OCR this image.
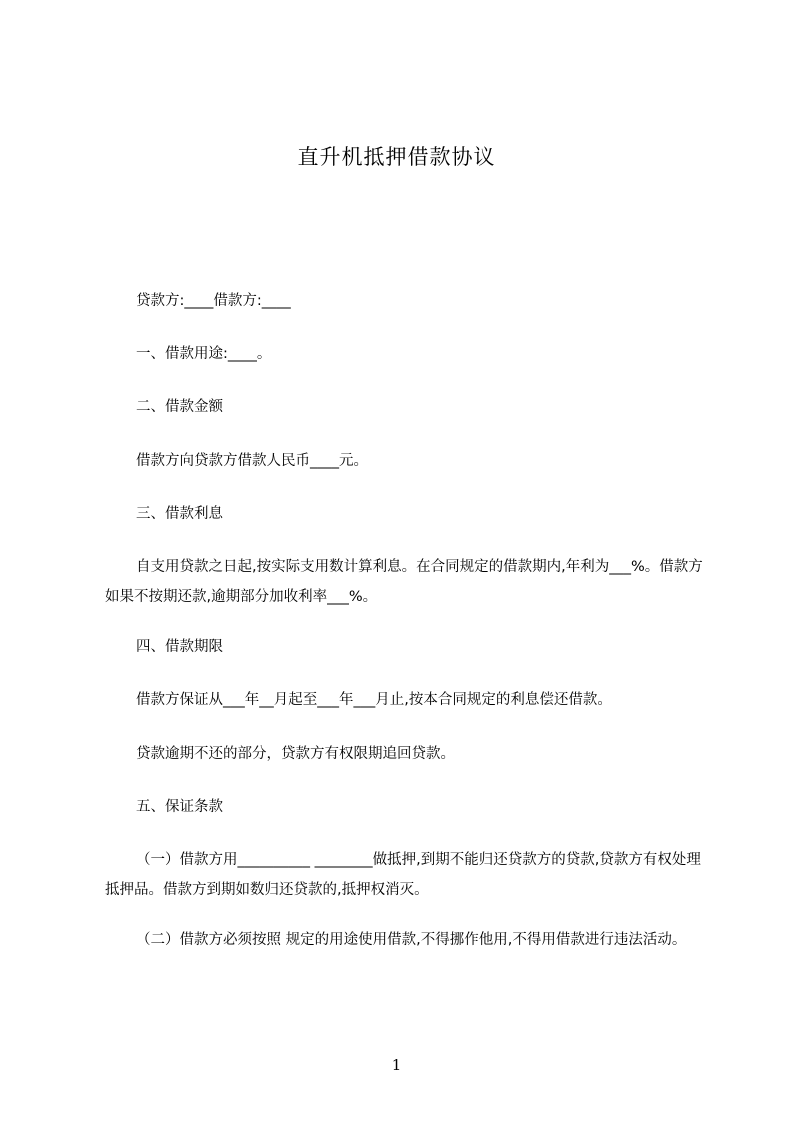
直升机抵押借款协议
贷款方:____借款方:____
一、借款用途:____。
二、借款金额
借款方向贷款方借款人民币____元。
三、借款利息
自支用贷款之日起,按实际支用数计算利息。在合同规定的借款期内,年利为___%。借款方如果不按期还款,逾期部分加收利率___%。
四、借款期限
借款方保证从___年__月起至___年___月止,按本合同规定的利息偿还借款。
贷款逾期不还的部分，贷款方有权限期追回贷款。
五、保证条款
（一）借款方用__________ ________做抵押,到期不能归还贷款方的贷款,贷款方有权处理抵押品。借款方到期如数归还贷款的,抵押权消灭。
（二）借款方必须按照 规定的用途使用借款,不得挪作他用,不得用借款进行违法活动。
1
